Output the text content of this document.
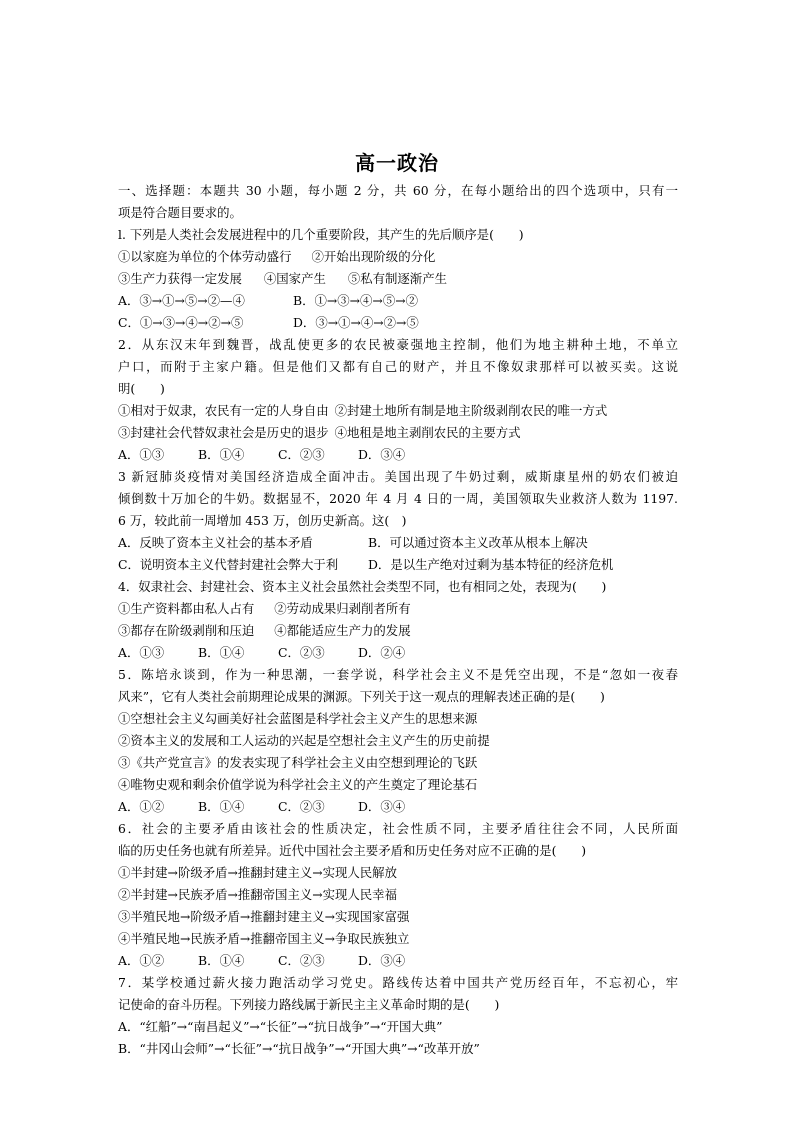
高一政治
一、选择题：本题共 30 小题，每小题 2 分，共 60 分，在每小题给出的四个选项中，只有一
项是符合题目要求的。
l. 下列是人类社会发展进程中的几个重要阶段，其产生的先后顺序是(　　)
①以家庭为单位的个体劳动盛行 ②开始出现阶级的分化
③生产力获得一定发展 ④国家产生 ⑤私有制逐渐产生
A．③→①→⑤→②—④	B．①→③→④→⑤→②
C．①→③→④→②→⑤	D．③→①→④→②→⑤
2．从东汉末年到魏晋，战乱使更多的农民被豪强地主控制，他们为地主耕种土地，不单立
户口，而附于主家户籍。但是他们又都有自己的财产，并且不像奴隶那样可以被买卖。这说
明(　　)
①相对于奴隶，农民有一定的人身自由 ②封建土地所有制是地主阶级剥削农民的唯一方式
③封建社会代替奴隶社会是历史的退步 ④地租是地主剥削农民的主要方式
A．①③	B．①④	C．②③	D．③④
3 新冠肺炎疫情对美国经济造成全面冲击。美国出现了牛奶过剩，威斯康星州的奶农们被迫
倾倒数十万加仑的牛奶。数据显不，2020 年 4 月 4 日的一周，美国领取失业救济人数为 1197.
6 万，较此前一周增加 453 万，创历史新高。这(　)
A．反映了资本主义社会的基本矛盾	B．可以通过资本主义改革从根本上解决
C．说明资本主义代替封建社会弊大于利 D．是以生产绝对过剩为基本特征的经济危机
4．奴隶社会、封建社会、资本主义社会虽然社会类型不同，也有相同之处，表现为(　　)
①生产资料都由私人占有 ②劳动成果归剥削者所有
③都存在阶级剥削和压迫 ④都能适应生产力的发展
A．①③	B．①④	C．②③	D．②④
5．陈培永谈到，作为一种思潮，一套学说，科学社会主义不是凭空出现，不是“忽如一夜春
风来”，它有人类社会前期理论成果的渊源。下列关于这一观点的理解表述正确的是(　　)
①空想社会主义勾画美好社会蓝图是科学社会主义产生的思想来源
②资本主义的发展和工人运动的兴起是空想社会主义产生的历史前提
③《共产党宣言》的发表实现了科学社会主义由空想到理论的飞跃
④唯物史观和剩余价值学说为科学社会主义的产生奠定了理论基石
A．①②	B．①④	C．②③	D．③④
6．社会的主要矛盾由该社会的性质决定，社会性质不同，主要矛盾往往会不同，人民所面
临的历史任务也就有所差异。近代中国社会主要矛盾和历史任务对应不正确的是(　　)
①半封建→阶级矛盾→推翻封建主义→实现人民解放
②半封建→民族矛盾→推翻帝国主义→实现人民幸福
③半殖民地→阶级矛盾→推翻封建主义→实现国家富强
④半殖民地→民族矛盾→推翻帝国主义→争取民族独立
A．①②	B．①④	C．②③	D．③④
7．某学校通过薪火接力跑活动学习党史。路线传达着中国共产党历经百年，不忘初心，牢
记使命的奋斗历程。下列接力路线属于新民主主义革命时期的是(　　)
A．“红船”→“南昌起义”→“长征”→“抗日战争”→“开国大典”
B．“井冈山会师”→“长征”→“抗日战争”→“开国大典”→“改革开放”
